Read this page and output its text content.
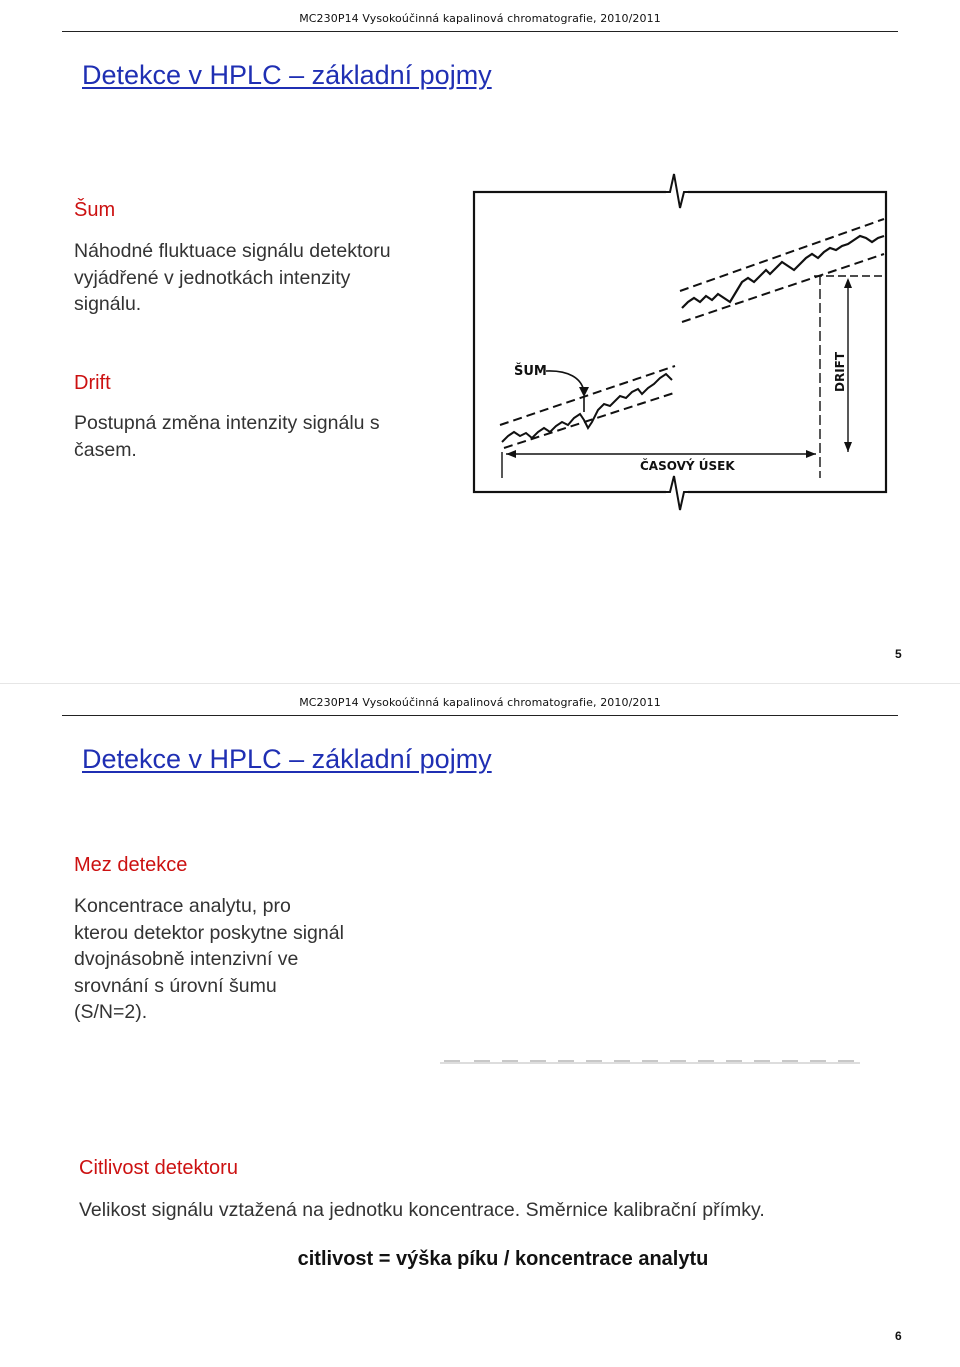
MC230P14 Vysokoúčinná kapalinová chromatografie, 2010/2011
Detekce v HPLC – základní pojmy
Šum
Náhodné fluktuace signálu detektoru vyjádřené v jednotkách intenzity signálu.
Drift
Postupná změna intenzity signálu s časem.
ŠUM
ČASOVÝ ÚSEK
DRIFT
5
MC230P14 Vysokoúčinná kapalinová chromatografie, 2010/2011
Detekce v HPLC – základní pojmy
Mez detekce
Koncentrace analytu, pro kterou detektor poskytne signál dvojnásobně intenzivní ve srovnání s úrovní šumu (S/N=2).
Citlivost detektoru
Velikost signálu vztažená na jednotku koncentrace. Směrnice kalibrační přímky.
citlivost = výška píku / koncentrace analytu
6
